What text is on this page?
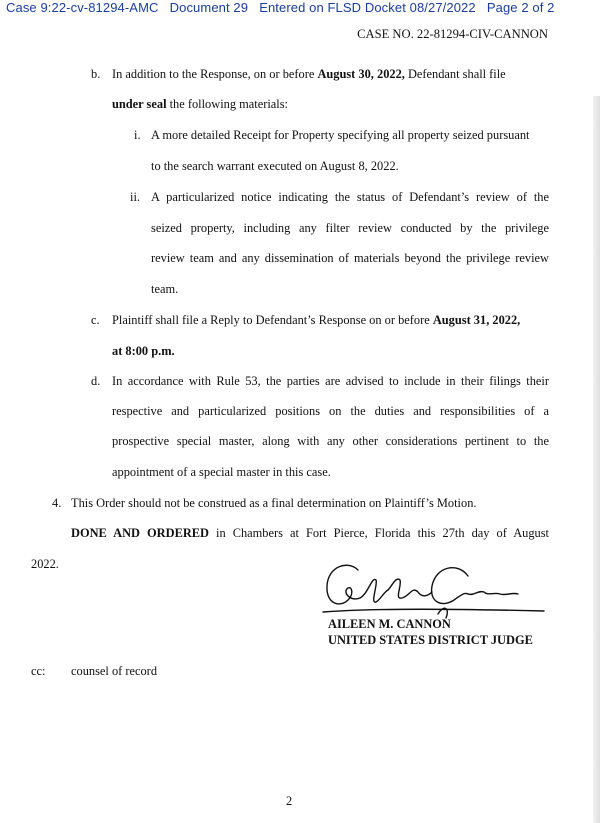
Case 9:22-cv-81294-AMC Document 29 Entered on FLSD Docket 08/27/2022 Page 2 of 2
CASE NO. 22-81294-CIV-CANNON
b. In addition to the Response, on or before August 30, 2022, Defendant shall file
under seal the following materials:
i. A more detailed Receipt for Property specifying all property seized pursuant
to the search warrant executed on August 8, 2022.
ii. A particularized notice indicating the status of Defendant’s review of the
seized property, including any filter review conducted by the privilege
review team and any dissemination of materials beyond the privilege review
team.
c. Plaintiff shall file a Reply to Defendant’s Response on or before August 31, 2022,
at 8:00 p.m.
d. In accordance with Rule 53, the parties are advised to include in their filings their
respective and particularized positions on the duties and responsibilities of a
prospective special master, along with any other considerations pertinent to the
appointment of a special master in this case.
4. This Order should not be construed as a final determination on Plaintiff’s Motion.
DONE AND ORDERED in Chambers at Fort Pierce, Florida this 27th day of August
2022.
AILEEN M. CANNON
UNITED STATES DISTRICT JUDGE
cc: counsel of record
2
